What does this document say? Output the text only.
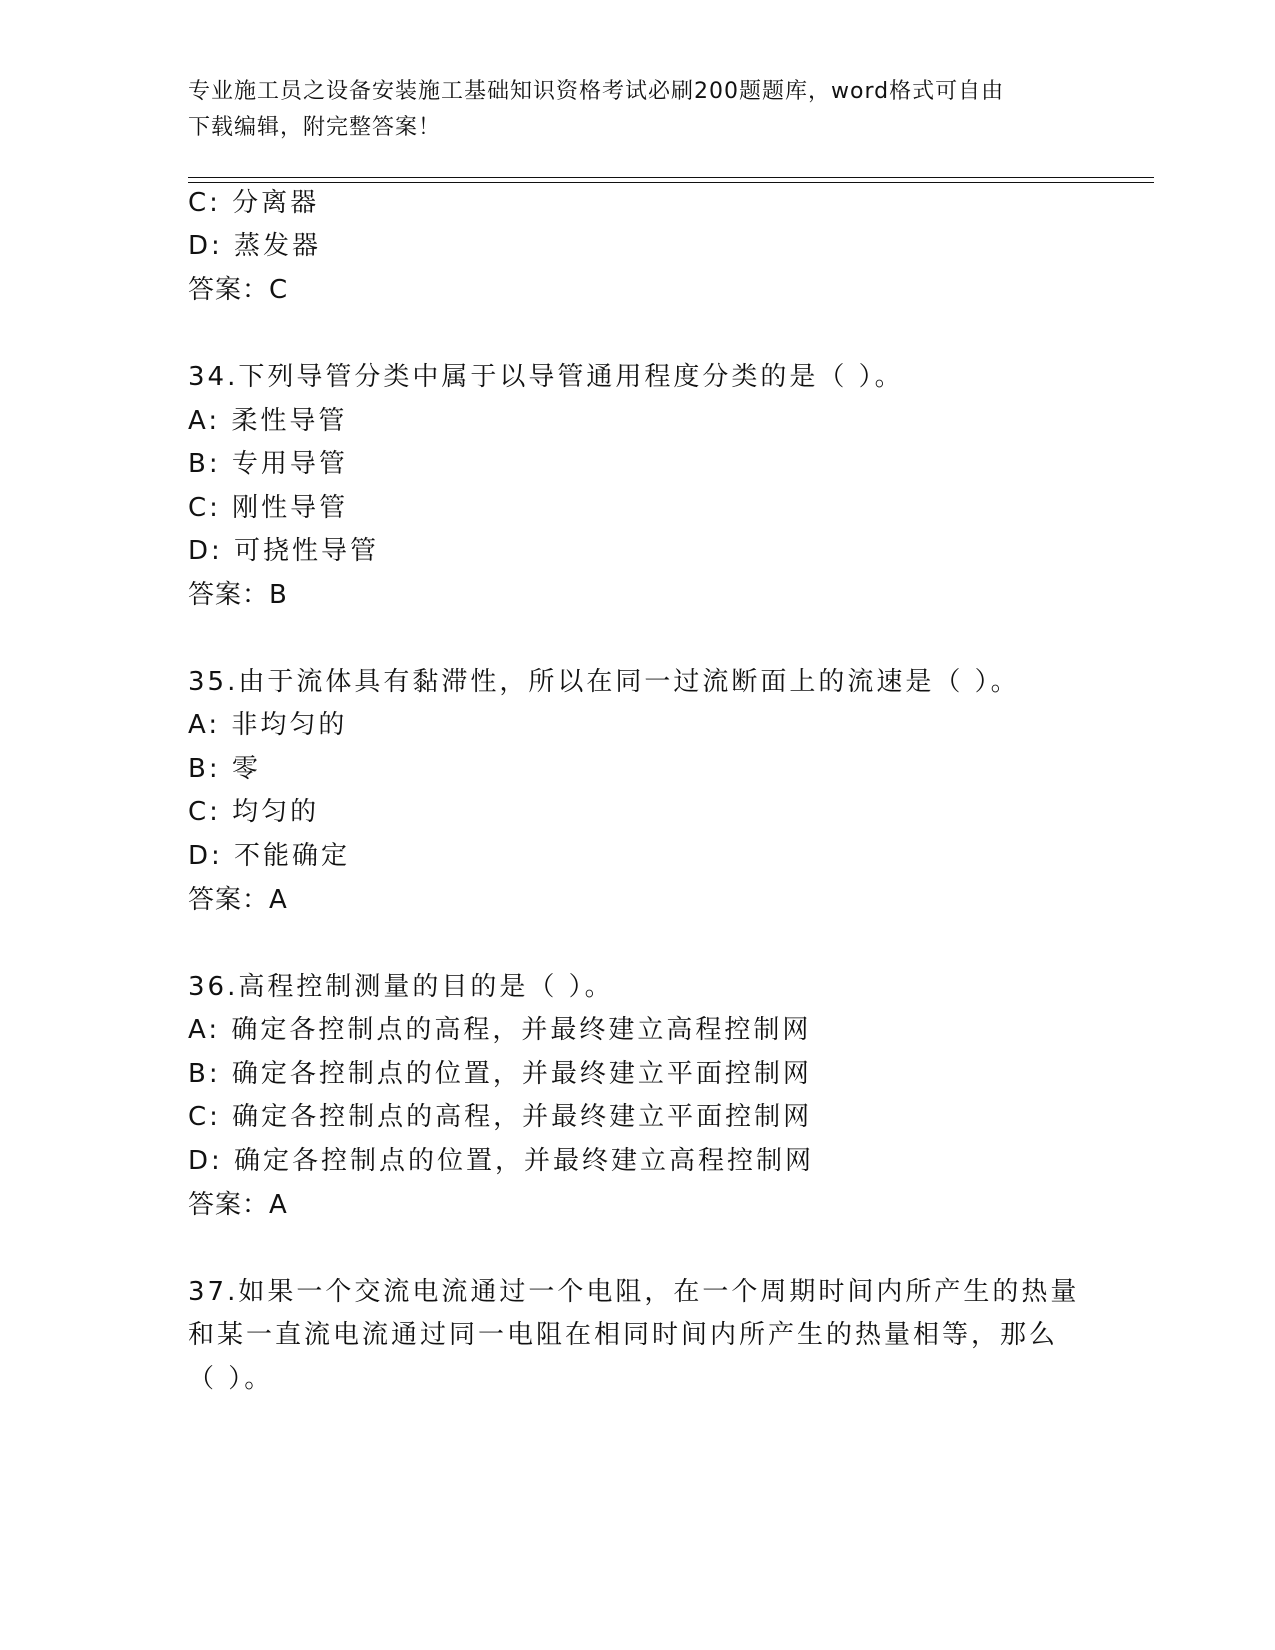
专业施工员之设备安装施工基础知识资格考试必刷200题题库，word格式可自由
下载编辑，附完整答案！
C: 分离器
D: 蒸发器
答案：C
34.下列导管分类中属于以导管通用程度分类的是（ ）。
A: 柔性导管
B: 专用导管
C: 刚性导管
D: 可挠性导管
答案：B
35.由于流体具有黏滞性，所以在同一过流断面上的流速是（ ）。
A: 非均匀的
B: 零
C: 均匀的
D: 不能确定
答案：A
36.高程控制测量的目的是（ ）。
A: 确定各控制点的高程，并最终建立高程控制网
B: 确定各控制点的位置，并最终建立平面控制网
C: 确定各控制点的高程，并最终建立平面控制网
D: 确定各控制点的位置，并最终建立高程控制网
答案：A
37.如果一个交流电流通过一个电阻，在一个周期时间内所产生的热量
和某一直流电流通过同一电阻在相同时间内所产生的热量相等，那么
（ ）。
